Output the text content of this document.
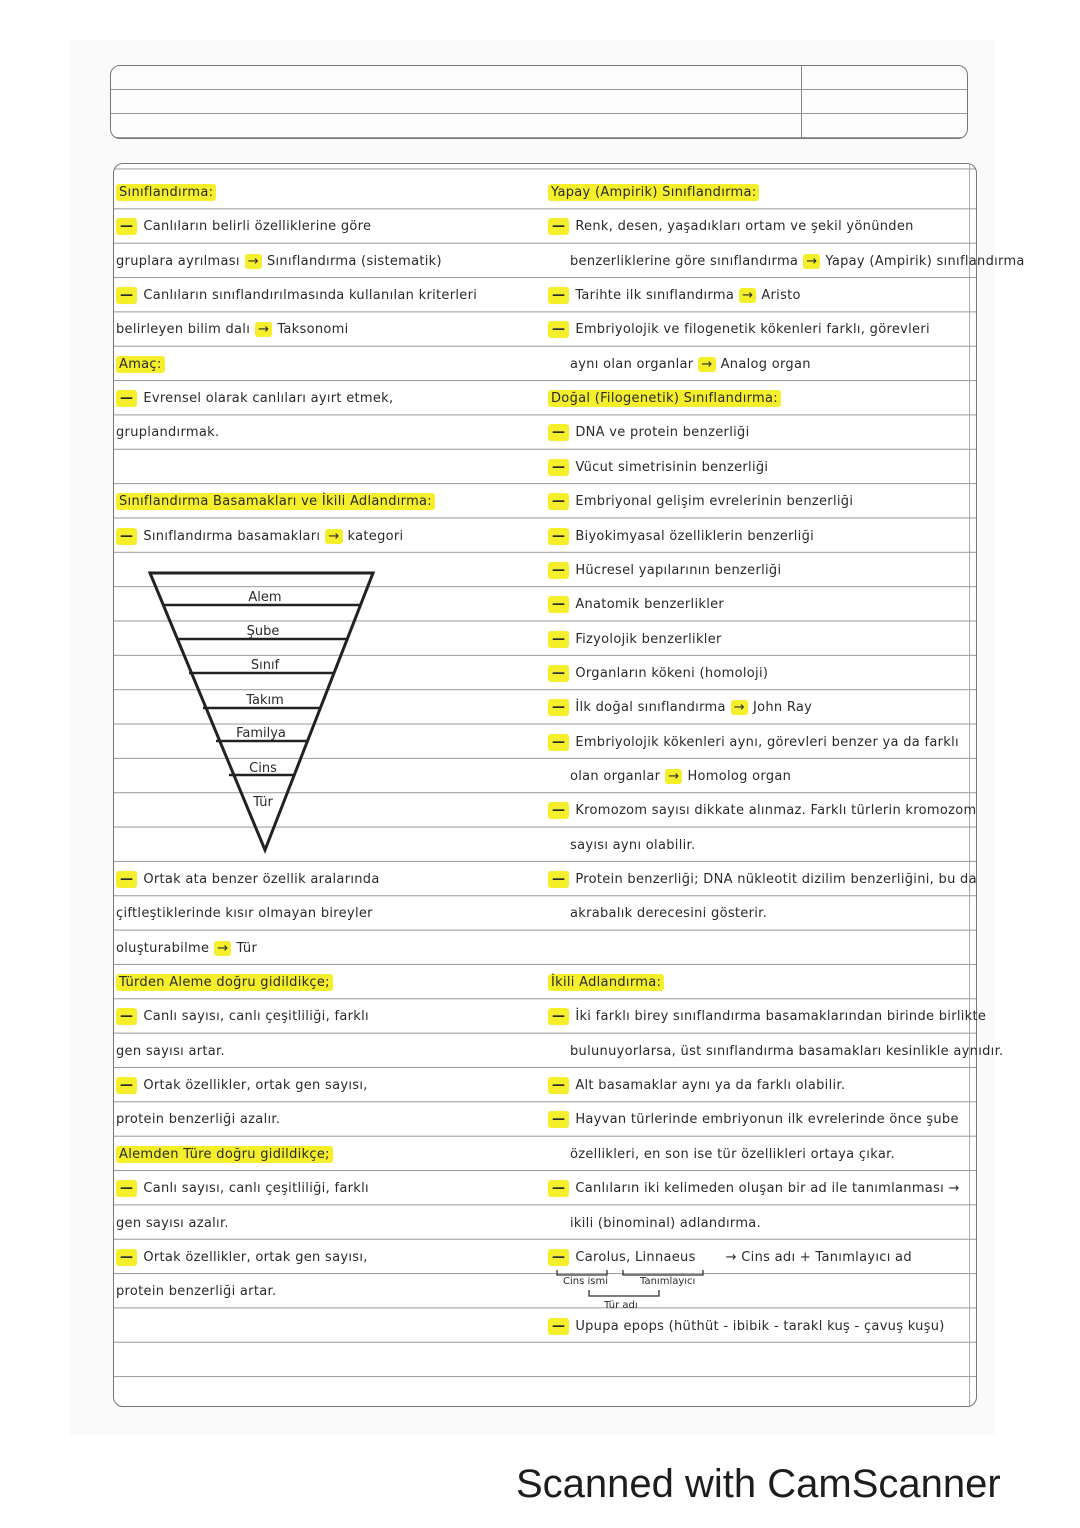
Sınıflandırma:
— Canlıların belirli özelliklerine göre
gruplara ayrılması → Sınıflandırma (sistematik)
— Canlıların sınıflandırılmasında kullanılan kriterleri
belirleyen bilim dalı → Taksonomi
Amaç:
— Evrensel olarak canlıları ayırt etmek,
gruplandırmak.
Sınıflandırma Basamakları ve İkili Adlandırma:
— Sınıflandırma basamakları → kategori
— Ortak ata benzer özellik aralarında
çiftleştiklerinde kısır olmayan bireyler
oluşturabilme → Tür
Türden Aleme doğru gidildikçe;
— Canlı sayısı, canlı çeşitliliği, farklı
gen sayısı artar.
— Ortak özellikler, ortak gen sayısı,
protein benzerliği azalır.
Alemden Türe doğru gidildikçe;
— Canlı sayısı, canlı çeşitliliği, farklı
gen sayısı azalır.
— Ortak özellikler, ortak gen sayısı,
protein benzerliği artar.
Yapay (Ampirik) Sınıflandırma:
— Renk, desen, yaşadıkları ortam ve şekil yönünden
benzerliklerine göre sınıflandırma → Yapay (Ampirik) sınıflandırma
— Tarihte ilk sınıflandırma → Aristo
— Embriyolojik ve filogenetik kökenleri farklı, görevleri
aynı olan organlar → Analog organ
Doğal (Filogenetik) Sınıflandırma:
— DNA ve protein benzerliği
— Vücut simetrisinin benzerliği
— Embriyonal gelişim evrelerinin benzerliği
— Biyokimyasal özelliklerin benzerliği
— Hücresel yapılarının benzerliği
— Anatomik benzerlikler
— Fizyolojik benzerlikler
— Organların kökeni (homoloji)
— İlk doğal sınıflandırma → John Ray
— Embriyolojik kökenleri aynı, görevleri benzer ya da farklı
olan organlar → Homolog organ
— Kromozom sayısı dikkate alınmaz. Farklı türlerin kromozom
sayısı aynı olabilir.
— Protein benzerliği; DNA nükleotit dizilim benzerliğini, bu da
akrabalık derecesini gösterir.
İkili Adlandırma:
— İki farklı birey sınıflandırma basamaklarından birinde birlikte
bulunuyorlarsa, üst sınıflandırma basamakları kesinlikle aynıdır.
— Alt basamaklar aynı ya da farklı olabilir.
— Hayvan türlerinde embriyonun ilk evrelerinde önce şube
özellikleri, en son ise tür özellikleri ortaya çıkar.
— Canlıların iki kelimeden oluşan bir ad ile tanımlanması →
ikili (binominal) adlandırma.
— Carolus, Linnaeus → Cins adı + Tanımlayıcı ad
— Upupa epops (hüthüt - ibibik - tarakl kuş - çavuş kuşu)
Alem
Şube
Sınıf
Takım
Familya
Cins
Tür
Cins ismi	Tanımlayıcı
Tür adı
Scanned with CamScanner
